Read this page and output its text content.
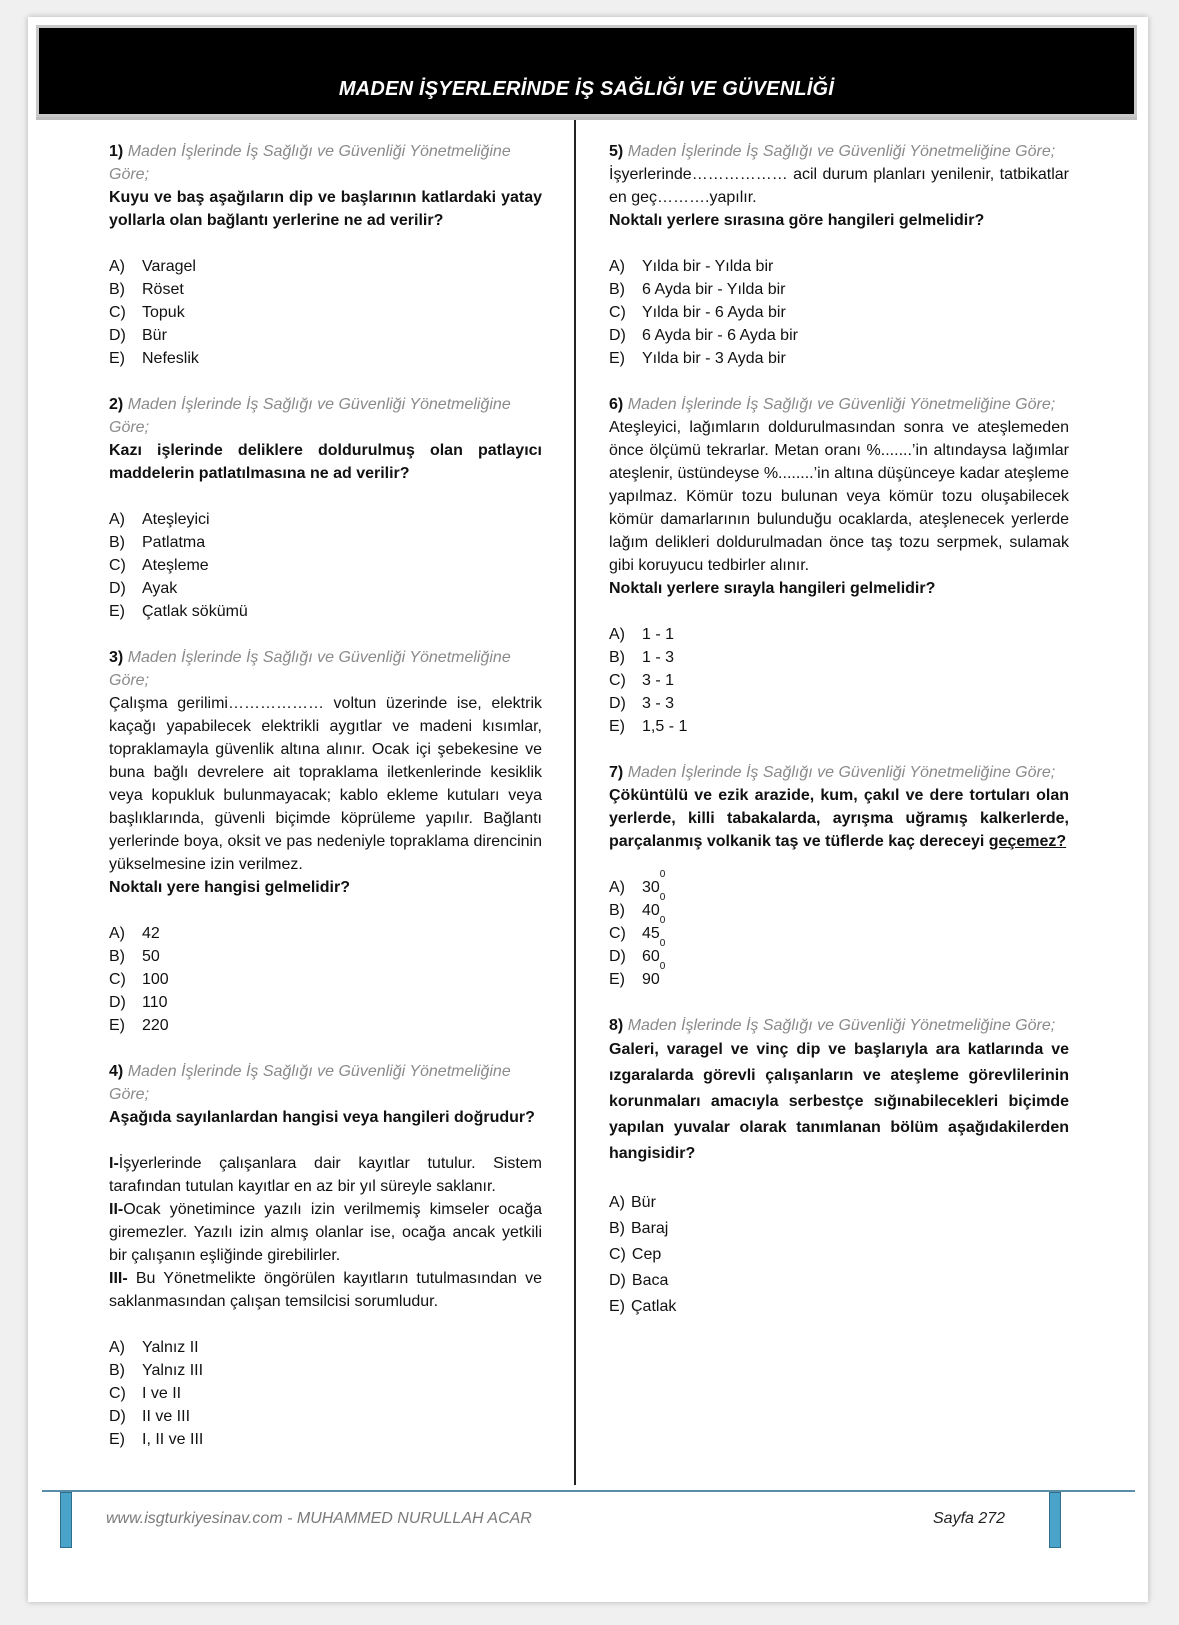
MADEN İŞYERLERİNDE İŞ SAĞLIĞI VE GÜVENLİĞİ

1) Maden İşlerinde İş Sağlığı ve Güvenliği Yönetmeliğine Göre;

Kuyu ve baş aşağıların dip ve başlarının katlardaki yatay yollarla olan bağlantı yerlerine ne ad verilir?

A)	Varagel
B)	Röset
C)	Topuk
D)	Bür
E)	Nefeslik

2) Maden İşlerinde İş Sağlığı ve Güvenliği Yönetmeliğine Göre;

Kazı işlerinde deliklere doldurulmuş olan patlayıcı maddelerin patlatılmasına ne ad verilir?

A)	Ateşleyici
B)	Patlatma
C)	Ateşleme
D)	Ayak
E)	Çatlak sökümü

3) Maden İşlerinde İş Sağlığı ve Güvenliği Yönetmeliğine Göre;

Çalışma gerilimi……………… voltun üzerinde ise, elektrik kaçağı yapabilecek elektrikli aygıtlar ve madeni kısımlar, topraklamayla güvenlik altına alınır. Ocak içi şebekesine ve buna bağlı devrelere ait topraklama iletkenlerinde kesiklik veya kopukluk bulunmayacak; kablo ekleme kutuları veya başlıklarında, güvenli biçimde köprüleme yapılır. Bağlantı yerlerinde boya, oksit ve pas nedeniyle topraklama direncinin yükselmesine izin verilmez.

Noktalı yere hangisi gelmelidir?

A)	42
B)	50
C)	100
D)	110
E)	220

4) Maden İşlerinde İş Sağlığı ve Güvenliği Yönetmeliğine Göre;

Aşağıda sayılanlardan hangisi veya hangileri doğrudur?

I-İşyerlerinde çalışanlara dair kayıtlar tutulur. Sistem tarafından tutulan kayıtlar en az bir yıl süreyle saklanır.

II-Ocak yönetimince yazılı izin verilmemiş kimseler ocağa giremezler. Yazılı izin almış olanlar ise, ocağa ancak yetkili bir çalışanın eşliğinde girebilirler.

III- Bu Yönetmelikte öngörülen kayıtların tutulmasından ve saklanmasından çalışan temsilcisi sorumludur.

A)	Yalnız II
B)	Yalnız III
C)	I ve II
D)	II ve III
E)	I, II ve III

5) Maden İşlerinde İş Sağlığı ve Güvenliği Yönetmeliğine Göre;

İşyerlerinde……………… acil durum planları yenilenir, tatbikatlar en geç……….yapılır.

Noktalı yerlere sırasına göre hangileri gelmelidir?

A)	Yılda bir - Yılda bir
B)	6 Ayda bir - Yılda bir
C)	Yılda bir - 6 Ayda bir
D)	6 Ayda bir - 6 Ayda bir
E)	Yılda bir - 3 Ayda bir

6) Maden İşlerinde İş Sağlığı ve Güvenliği Yönetmeliğine Göre;

Ateşleyici, lağımların doldurulmasından sonra ve ateşlemeden önce ölçümü tekrarlar. Metan oranı %.......’in altındaysa lağımlar ateşlenir, üstündeyse %........’in altına düşünceye kadar ateşleme yapılmaz. Kömür tozu bulunan veya kömür tozu oluşabilecek kömür damarlarının bulunduğu ocaklarda, ateşlenecek yerlerde lağım delikleri doldurulmadan önce taş tozu serpmek, sulamak gibi koruyucu tedbirler alınır.

Noktalı yerlere sırayla hangileri gelmelidir?

A)	1 - 1
B)	1 - 3
C)	3 - 1
D)	3 - 3
E)	1,5 - 1

7) Maden İşlerinde İş Sağlığı ve Güvenliği Yönetmeliğine Göre;

Çöküntülü ve ezik arazide, kum, çakıl ve dere tortuları olan yerlerde, killi tabakalarda, ayrışma uğramış kalkerlerde, parçalanmış volkanik taş ve tüflerde kaç dereceyi geçemez?

A)	30
$^0$
B)	40
$^0$
C)	45
$^0$
D)	60
$^0$
E)	90
$^0$

8) Maden İşlerinde İş Sağlığı ve Güvenliği Yönetmeliğine Göre;

Galeri, varagel ve vinç dip ve başlarıyla ara katlarında ve ızgaralarda görevli çalışanların ve ateşleme görevlilerinin korunmaları amacıyla serbestçe sığınabilecekleri biçimde yapılan yuvalar olarak tanımlanan bölüm aşağıdakilerden hangisidir?

A) Bür
B) Baraj
C) Cep
D) Baca
E) Çatlak
www.isgturkiyesinav.com - MUHAMMED NURULLAH ACAR	Sayfa 272
